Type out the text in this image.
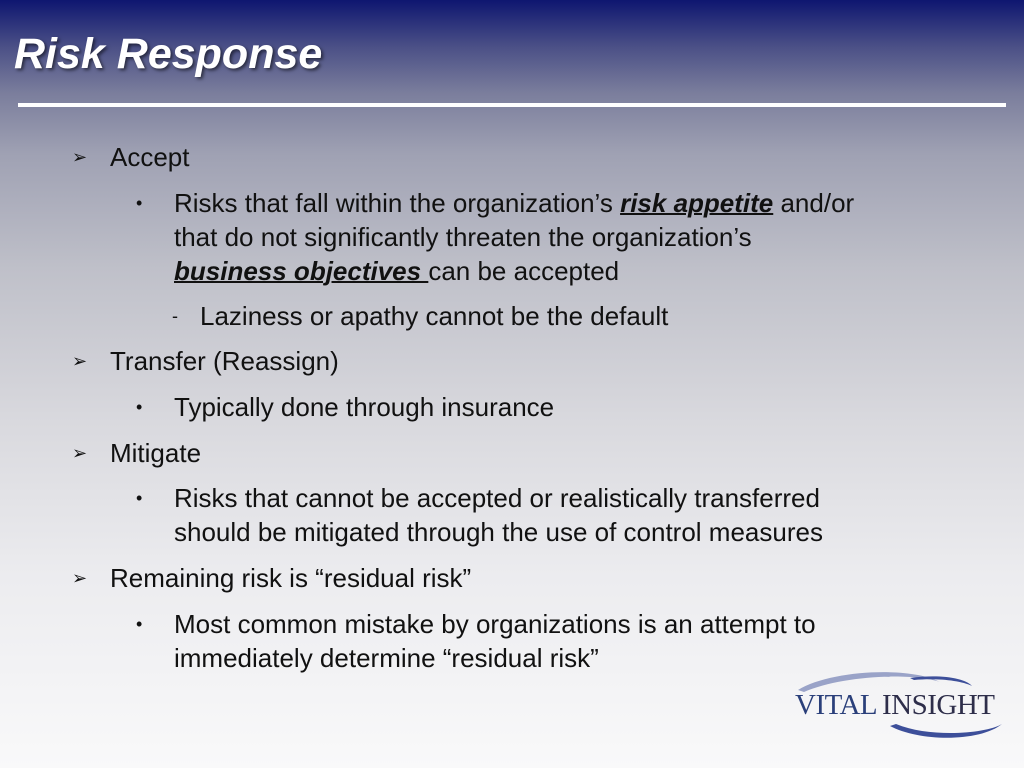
Risk Response
➢ Accept
• Risks that fall within the organization’s risk appetite and/or
that do not significantly threaten the organization’s
business objectives can be accepted
- Laziness or apathy cannot be the default
➢ Transfer (Reassign)
• Typically done through insurance
➢ Mitigate
• Risks that cannot be accepted or realistically transferred
should be mitigated through the use of control measures
➢ Remaining risk is “residual risk”
• Most common mistake by organizations is an attempt to
immediately determine “residual risk”
VITAL INSIGHT
